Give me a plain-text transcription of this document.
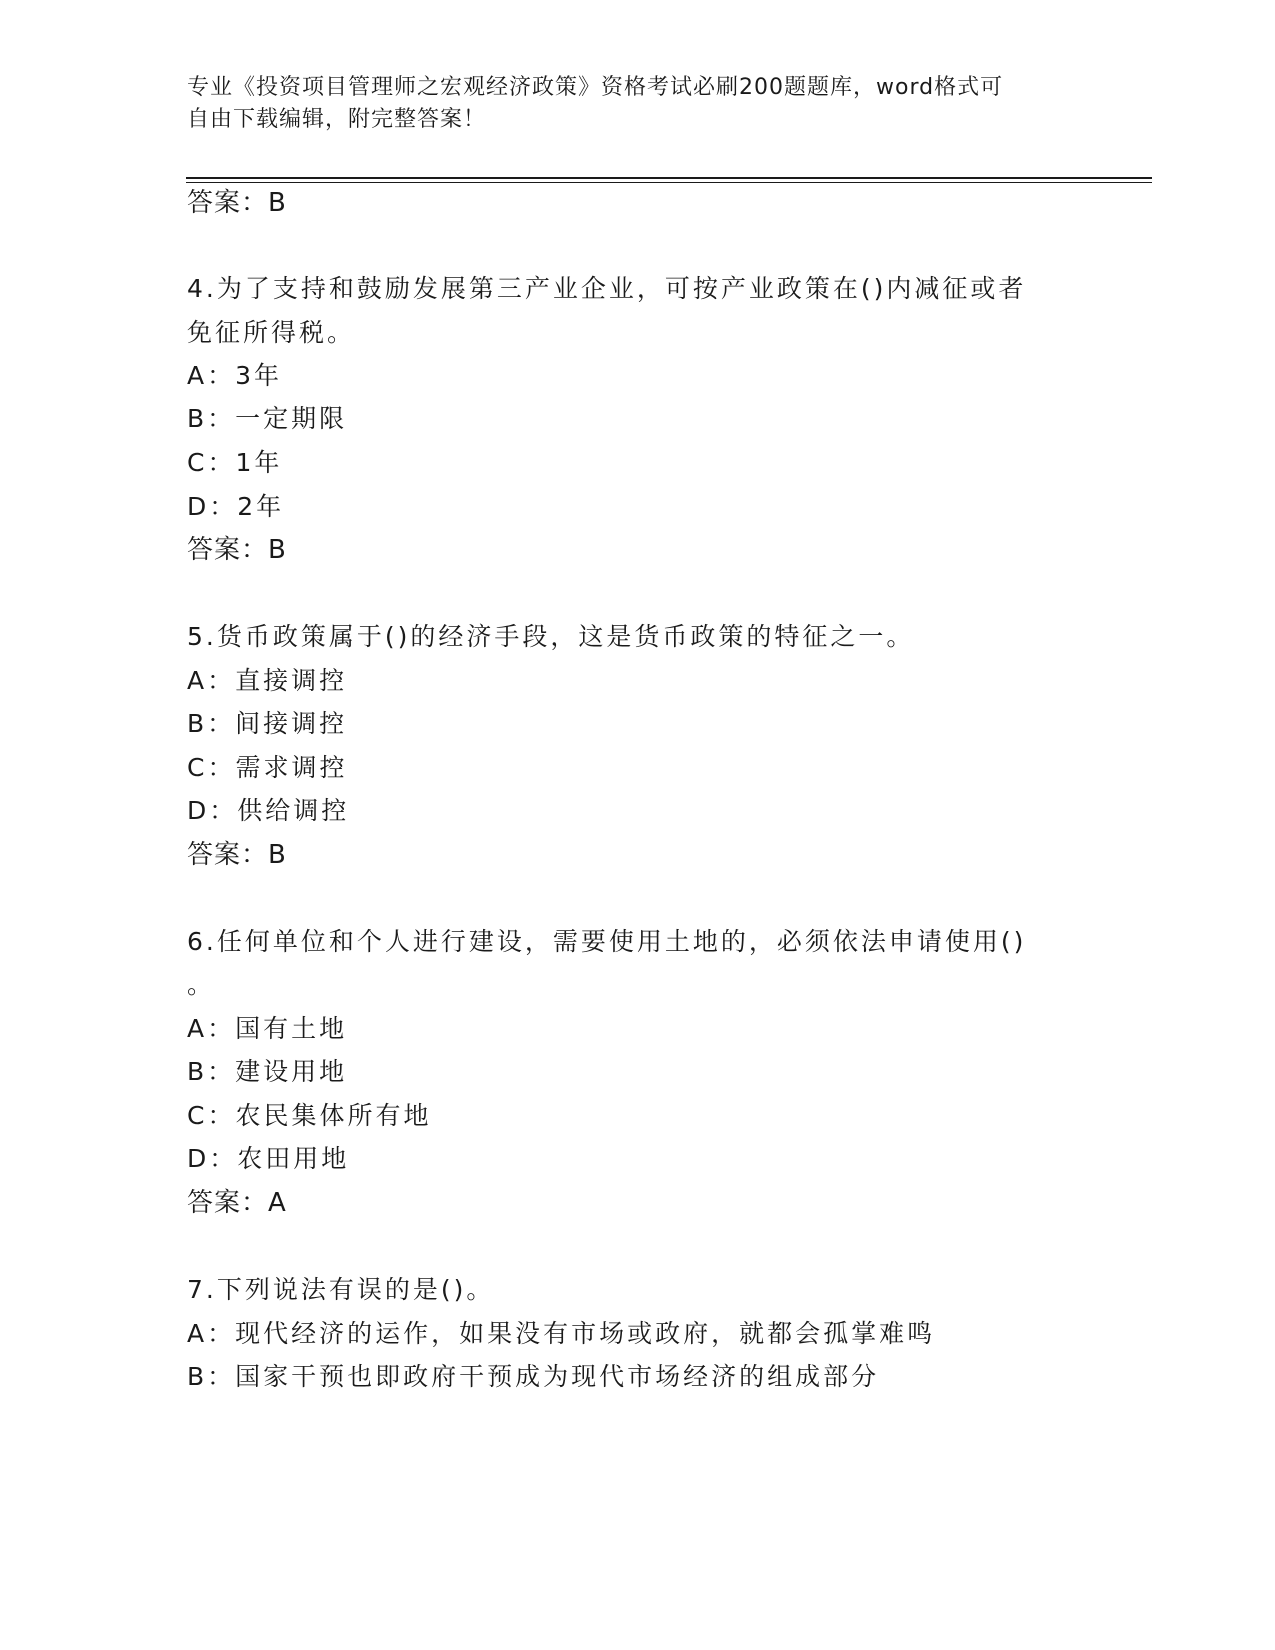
专业《投资项目管理师之宏观经济政策》资格考试必刷200题题库，word格式可
自由下载编辑，附完整答案！
答案：B
4.为了支持和鼓励发展第三产业企业，可按产业政策在()内减征或者
免征所得税。
A：3年
B：一定期限
C：1年
D：2年
答案：B
5.货币政策属于()的经济手段，这是货币政策的特征之一。
A：直接调控
B：间接调控
C：需求调控
D：供给调控
答案：B
6.任何单位和个人进行建设，需要使用土地的，必须依法申请使用()
。
A：国有土地
B：建设用地
C：农民集体所有地
D：农田用地
答案：A
7.下列说法有误的是()。
A：现代经济的运作，如果没有市场或政府，就都会孤掌难鸣
B：国家干预也即政府干预成为现代市场经济的组成部分
